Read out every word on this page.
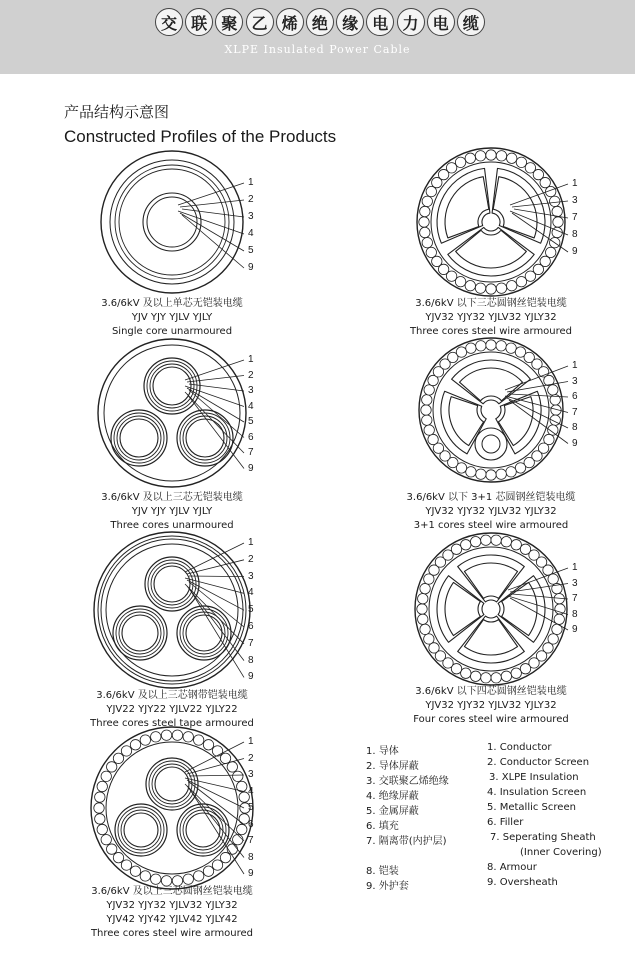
交 联 聚 乙 烯 绝 缘 电 力 电 缆
XLPE Insulated Power Cable
产品结构示意图
Constructed Profiles of the Products
1
2
3
4
5
9
3.6/6kV 及以上单芯无铠装电缆
YJV YJY YJLV YJLY
Single core unarmoured
1
2
3
4
5
6
7
9
3.6/6kV 及以上三芯无铠装电缆
YJV YJY YJLV YJLY
Three cores unarmoured
1
2
3
4
5
6
7
8
9
3.6/6kV 及以上三芯钢带铠装电缆
YJV22 YJY22 YJLV22 YJLY22
Three cores steel tape armoured
1
2
3
4
5
6
7
8
9
3.6/6kV 及以上三芯圆钢丝铠装电缆
YJV32 YJY32 YJLV32 YJLY32
YJV42 YJY42 YJLV42 YJLY42
Three cores steel wire armoured
1
3
7
8
9
3.6/6kV 以下三芯圆钢丝铠装电缆
YJV32 YJY32 YJLV32 YJLY32
Three cores steel wire armoured
1
3
6
7
8
9
3.6/6kV 以下 3+1 芯圆钢丝铠装电缆
YJV32 YJY32 YJLV32 YJLY32
3+1 cores steel wire armoured
1
3
7
8
9
3.6/6kV 以下四芯圆钢丝铠装电缆
YJV32 YJY32 YJLV32 YJLY32
Four cores steel wire armoured
1. 导体
2. 导体屏蔽
3. 交联聚乙烯绝缘
4. 绝缘屏蔽
5. 金属屏蔽
6. 填充
7. 隔离带(内护层)
8. 铠装
9. 外护套
1. Conductor
2. Conductor Screen
3. XLPE Insulation
4. Insulation Screen
5. Metallic Screen
6. Filler
7. Seperating Sheath
(Inner Covering)
8. Armour
9. Oversheath
